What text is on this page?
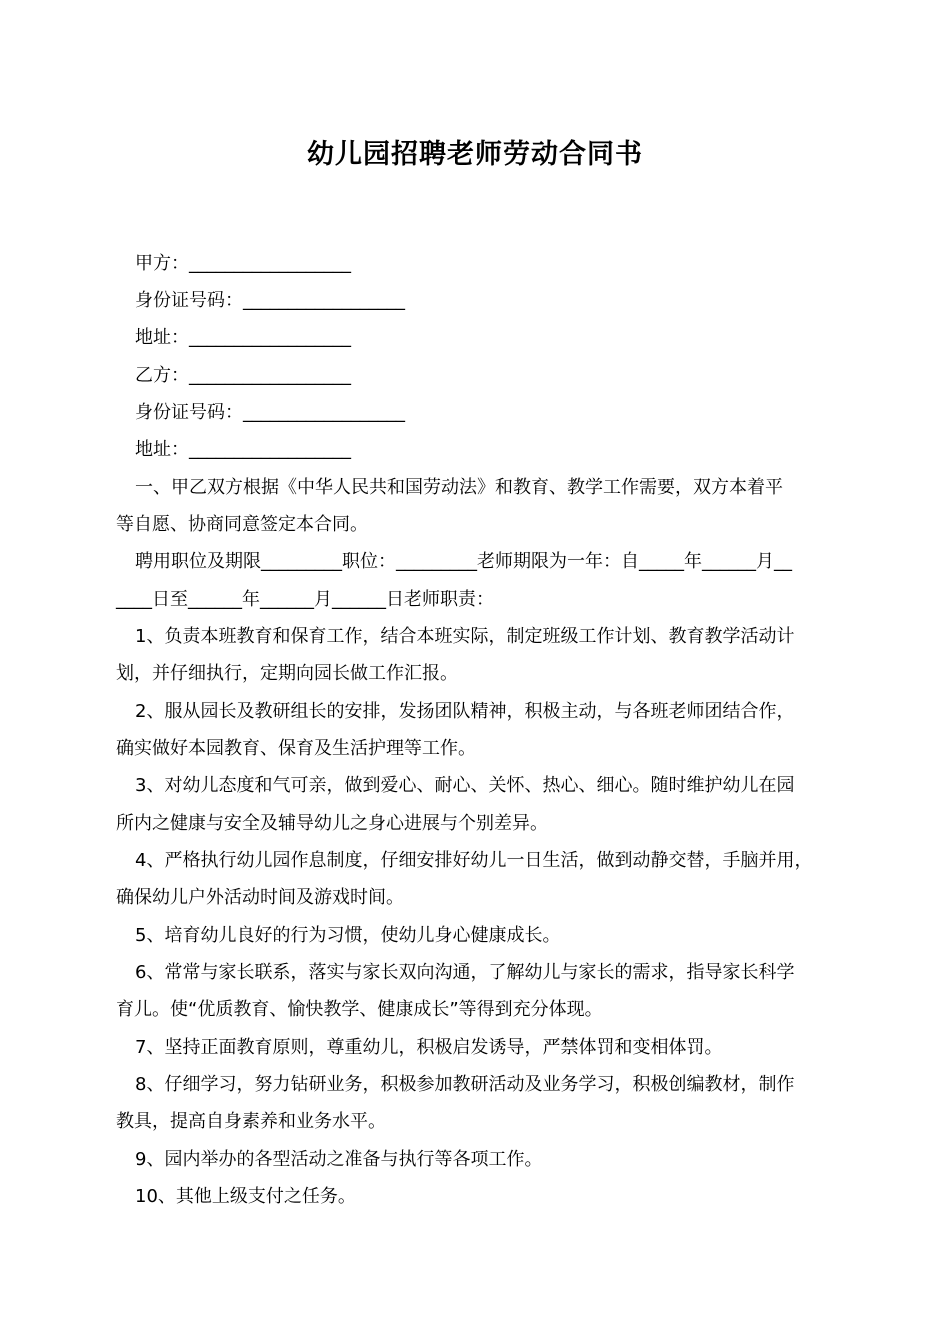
幼儿园招聘老师劳动合同书
甲方：__________________
身份证号码：__________________
地址：__________________
乙方：__________________
身份证号码：__________________
地址：__________________
一、甲乙双方根据《中华人民共和国劳动法》和教育、教学工作需要，双方本着平
等自愿、协商同意签定本合同。
聘用职位及期限_________职位：_________老师期限为一年：自_____年______月__
____日至______年______月______日老师职责：
1、负责本班教育和保育工作，结合本班实际，制定班级工作计划、教育教学活动计
划，并仔细执行，定期向园长做工作汇报。
2、服从园长及教研组长的安排，发扬团队精神，积极主动，与各班老师团结合作，
确实做好本园教育、保育及生活护理等工作。
3、对幼儿态度和气可亲，做到爱心、耐心、关怀、热心、细心。随时维护幼儿在园
所内之健康与安全及辅导幼儿之身心进展与个别差异。
4、严格执行幼儿园作息制度，仔细安排好幼儿一日生活，做到动静交替，手脑并用，
确保幼儿户外活动时间及游戏时间。
5、培育幼儿良好的行为习惯，使幼儿身心健康成长。
6、常常与家长联系，落实与家长双向沟通，了解幼儿与家长的需求，指导家长科学
育儿。使“优质教育、愉快教学、健康成长”等得到充分体现。
7、坚持正面教育原则，尊重幼儿，积极启发诱导，严禁体罚和变相体罚。
8、仔细学习，努力钻研业务，积极参加教研活动及业务学习，积极创编教材，制作
教具，提高自身素养和业务水平。
9、园内举办的各型活动之准备与执行等各项工作。
10、其他上级支付之任务。
